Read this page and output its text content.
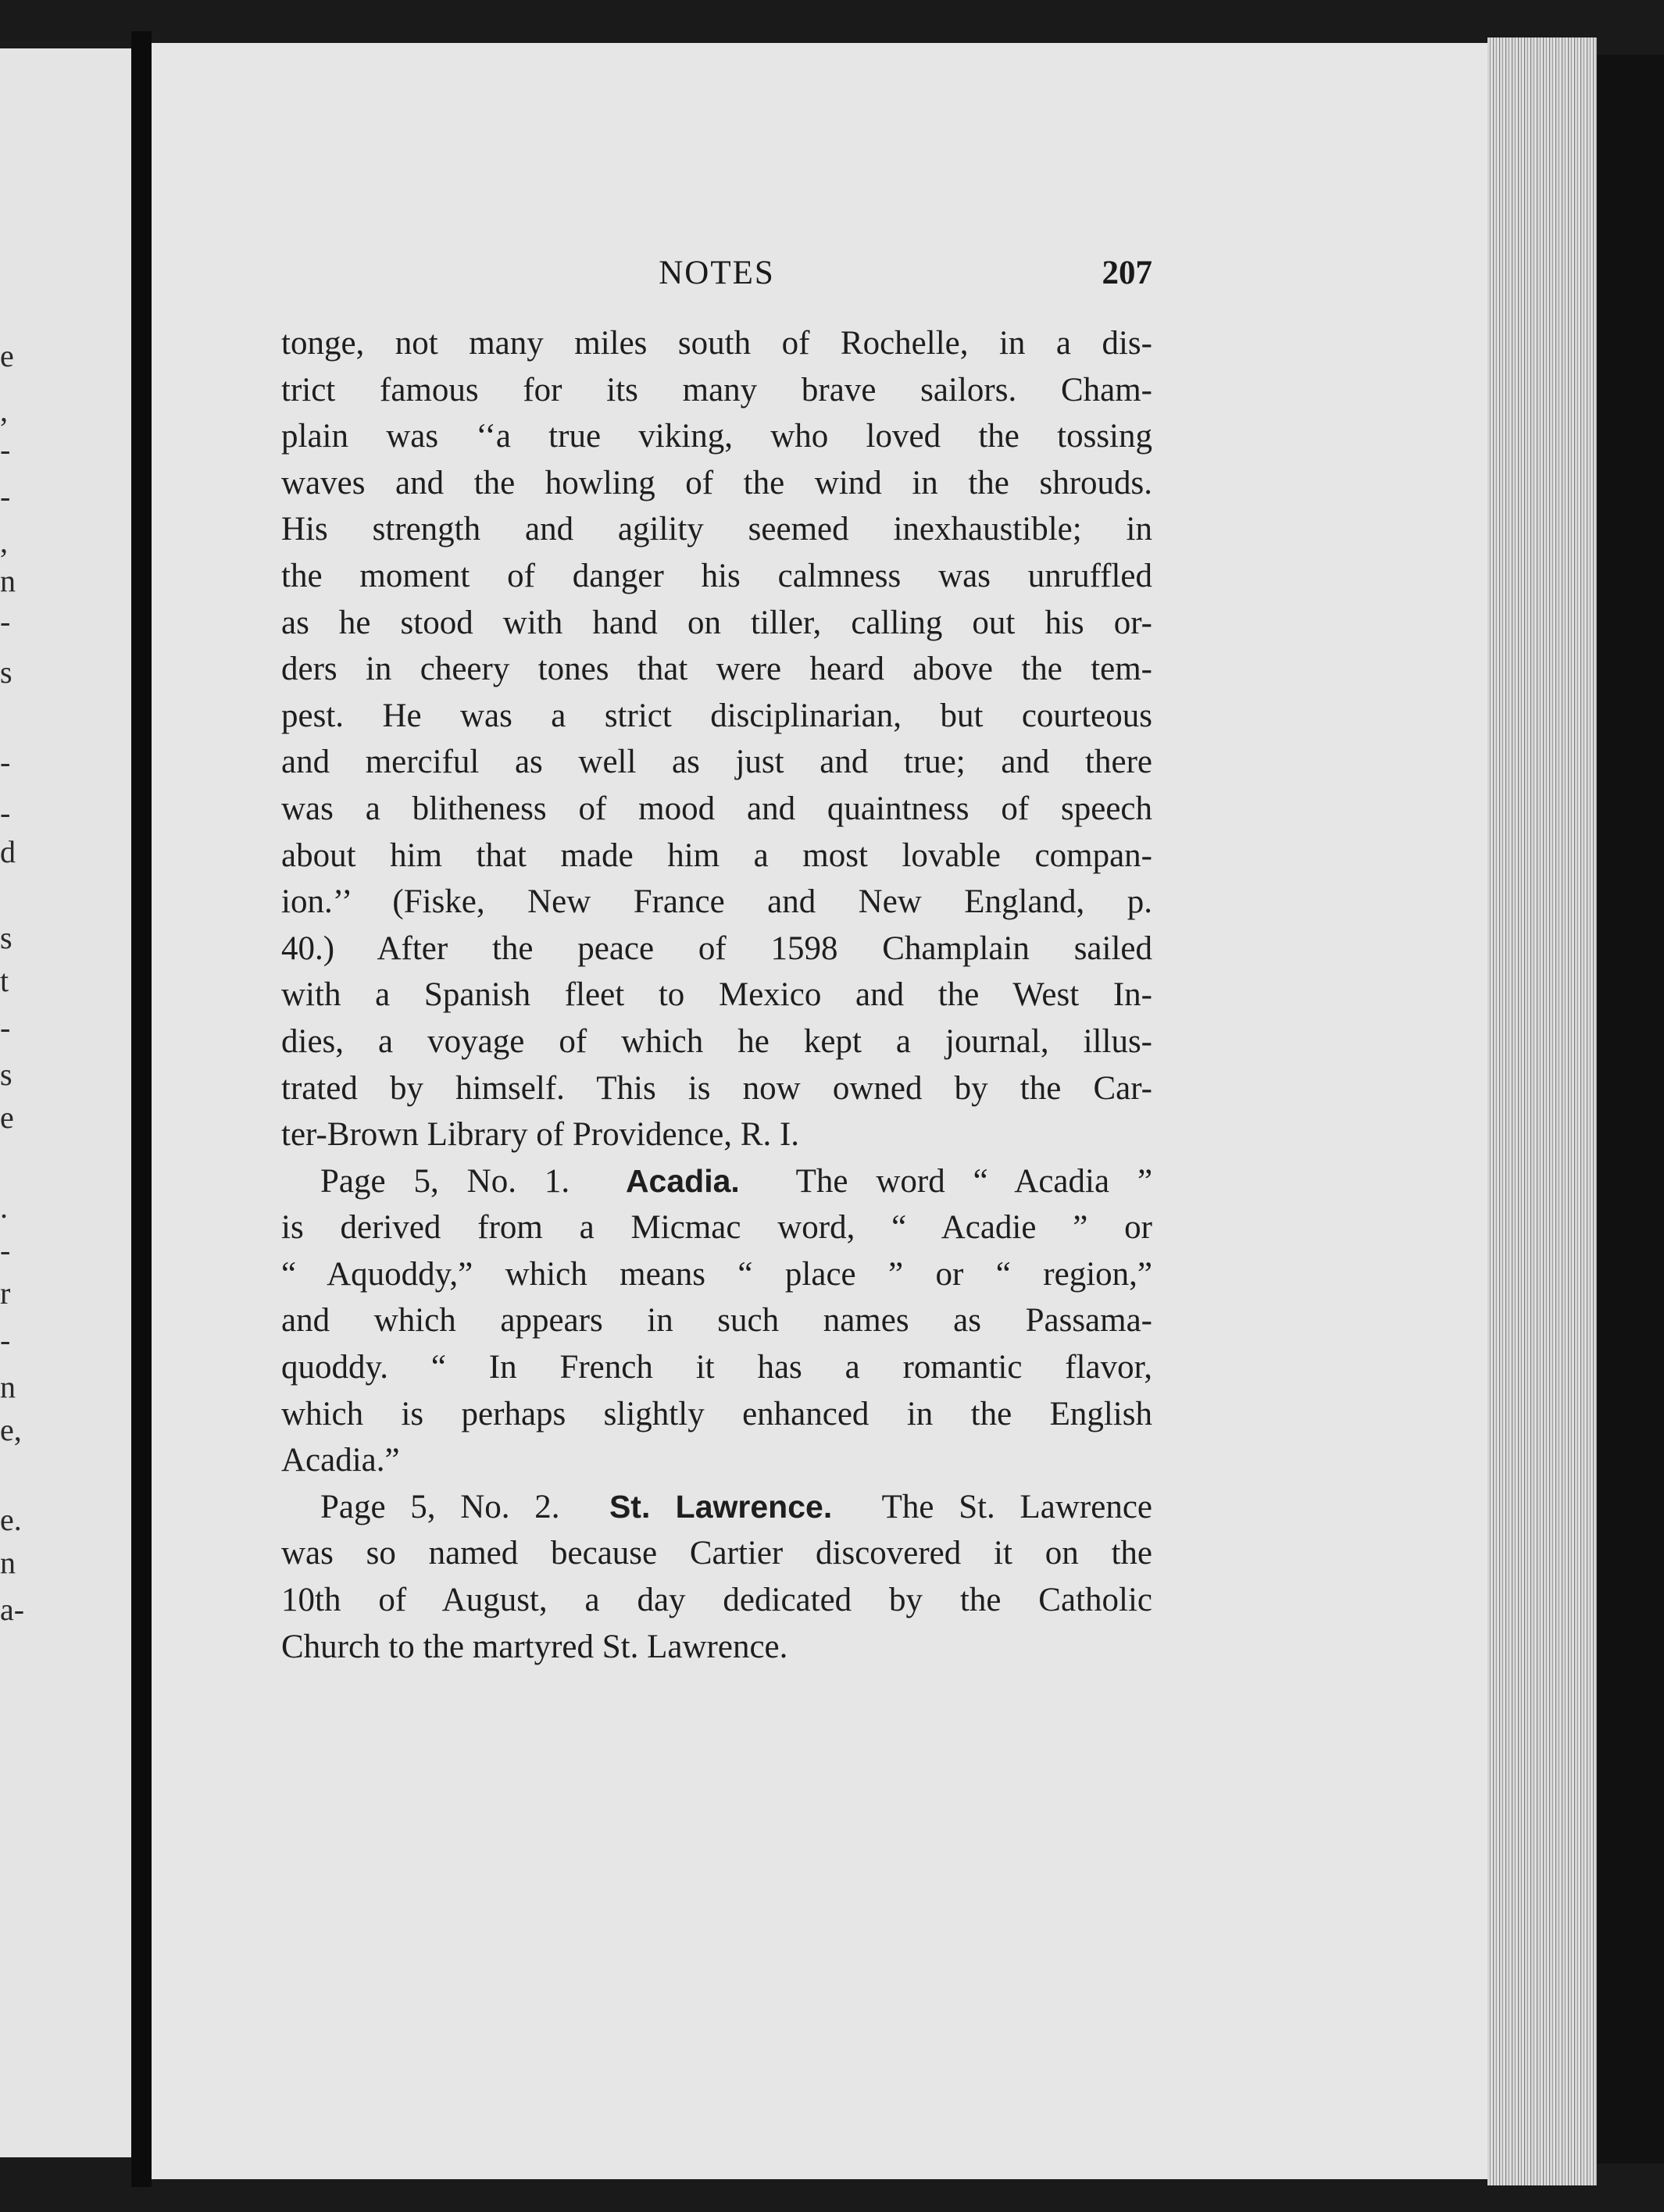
e
,
-
-
,
n
-
s
-
-
d
s
t
-
s
e
.
-
r
-
n
e,
e.
n
a-
NOTES	207
tonge, not many miles south of Rochelle, in a dis-
trict famous for its many brave sailors. Cham-
plain was ‘‘a true viking, who loved the tossing
waves and the howling of the wind in the shrouds.
His strength and agility seemed inexhaustible; in
the moment of danger his calmness was unruffled
as he stood with hand on tiller, calling out his or-
ders in cheery tones that were heard above the tem-
pest. He was a strict disciplinarian, but courteous
and merciful as well as just and true; and there
was a blitheness of mood and quaintness of speech
about him that made him a most lovable compan-
ion.’’ (Fiske, New France and New England, p.
40.) After the peace of 1598 Champlain sailed
with a Spanish fleet to Mexico and the West In-
dies, a voyage of which he kept a journal, illus-
trated by himself. This is now owned by the Car-
ter-Brown Library of Providence, R. I.
Page 5, No. 1. Acadia. The word “ Acadia ”
is derived from a Micmac word, “ Acadie ” or
“ Aquoddy,” which means “ place ” or “ region,”
and which appears in such names as Passama-
quoddy. “ In French it has a romantic flavor,
which is perhaps slightly enhanced in the English
Acadia.”
Page 5, No. 2. St. Lawrence. The St. Lawrence
was so named because Cartier discovered it on the
10th of August, a day dedicated by the Catholic
Church to the martyred St. Lawrence.
